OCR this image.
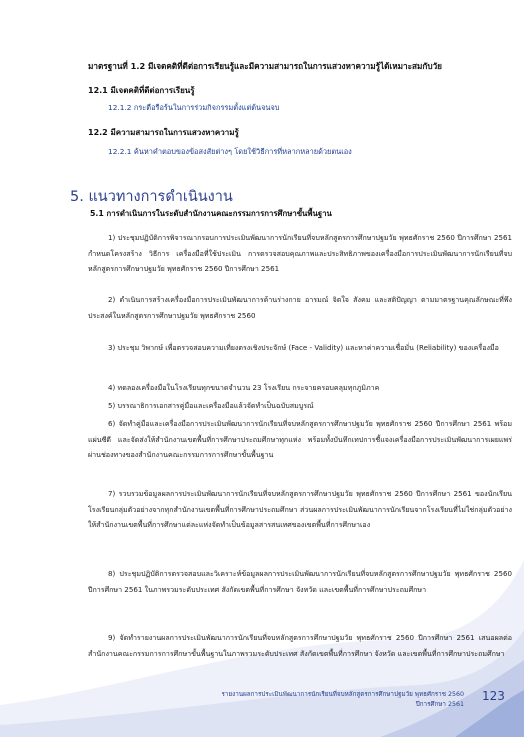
มาตรฐานที่ 1.2 มีเจตคติที่ดีต่อการเรียนรู้และมีความสามารถในการแสวงหาความรู้ได้เหมาะสมกับวัย
12.1 มีเจตคติที่ดีต่อการเรียนรู้
12.1.2 กระตือรือร้นในการร่วมกิจกรรมตั้งแต่ต้นจนจบ
12.2 มีความสามารถในการแสวงหาความรู้
12.2.1 ค้นหาคำตอบของข้อสงสัยต่างๆ โดยใช้วิธีการที่หลากหลายด้วยตนเอง
5. แนวทางการดำเนินงาน
5.1 การดำเนินการในระดับสำนักงานคณะกรรมการการศึกษาขั้นพื้นฐาน
1) ประชุมปฏิบัติการพิจารณากรอบการประเมินพัฒนาการนักเรียนที่จบหลักสูตรการศึกษาปฐมวัย พุทธศักราช 2560 ปีการศึกษา 2561 กำหนดโครงสร้าง วิธีการ เครื่องมือที่ใช้ประเมิน การตรวจสอบคุณภาพและประสิทธิภาพของเครื่องมือการประเมินพัฒนาการนักเรียนที่จบหลักสูตรการศึกษาปฐมวัย พุทธศักราช 2560 ปีการศึกษา 2561
2) ดำเนินการสร้างเครื่องมือการประเมินพัฒนาการด้านร่างกาย อารมณ์ จิตใจ สังคม และสติปัญญา ตามมาตรฐานคุณลักษณะที่พึงประสงค์ในหลักสูตรการศึกษาปฐมวัย พุทธศักราช 2560
3) ประชุม วิพากษ์ เพื่อตรวจสอบความเที่ยงตรงเชิงประจักษ์ (Face - Validity) และหาค่าความเชื่อมั่น (Reliability) ของเครื่องมือ
4) ทดลองเครื่องมือในโรงเรียนทุกขนาดจำนวน 23 โรงเรียน กระจายครอบคลุมทุกภูมิภาค
5) บรรณาธิการเอกสารคู่มือและเครื่องมือแล้วจัดทำเป็นฉบับสมบูรณ์
6) จัดทำคู่มือและเครื่องมือการประเมินพัฒนาการนักเรียนที่จบหลักสูตรการศึกษาปฐมวัย พุทธศักราช 2560 ปีการศึกษา 2561 พร้อมแผ่นซีดี และจัดส่งให้สำนักงานเขตพื้นที่การศึกษาประถมศึกษาทุกแห่ง พร้อมทั้งบันทึกเทปการชี้แจงเครื่องมือการประเมินพัฒนาการเผยแพร่ผ่านช่องทางของสำนักงานคณะกรรมการการศึกษาขั้นพื้นฐาน
7) รวบรวมข้อมูลผลการประเมินพัฒนาการนักเรียนที่จบหลักสูตรการศึกษาปฐมวัย พุทธศักราช 2560 ปีการศึกษา 2561 ของนักเรียนโรงเรียนกลุ่มตัวอย่างจากทุกสำนักงานเขตพื้นที่การศึกษาประถมศึกษา ส่วนผลการประเมินพัฒนาการนักเรียนจากโรงเรียนที่ไม่ใช่กลุ่มตัวอย่างให้สำนักงานเขตพื้นที่การศึกษาแต่ละแห่งจัดทำเป็นข้อมูลสารสนเทศของเขตพื้นที่การศึกษาเอง
8) ประชุมปฏิบัติการตรวจสอบและวิเคราะห์ข้อมูลผลการประเมินพัฒนาการนักเรียนที่จบหลักสูตรการศึกษาปฐมวัย พุทธศักราช 2560 ปีการศึกษา 2561 ในภาพรวมระดับประเทศ สังกัดเขตพื้นที่การศึกษา จังหวัด และเขตพื้นที่การศึกษาประถมศึกษา
9) จัดทำรายงานผลการประเมินพัฒนาการนักเรียนที่จบหลักสูตรการศึกษาปฐมวัย พุทธศักราช 2560 ปีการศึกษา 2561 เสนอผลต่อสำนักงานคณะกรรมการการศึกษาขั้นพื้นฐานในภาพรวมระดับประเทศ สังกัดเขตพื้นที่การศึกษา จังหวัด และเขตพื้นที่การศึกษาประถมศึกษา
รายงานผลการประเมินพัฒนาการนักเรียนที่จบหลักสูตรการศึกษาปฐมวัย พุทธศักราช 2560
ปีการศึกษา 2561
123
